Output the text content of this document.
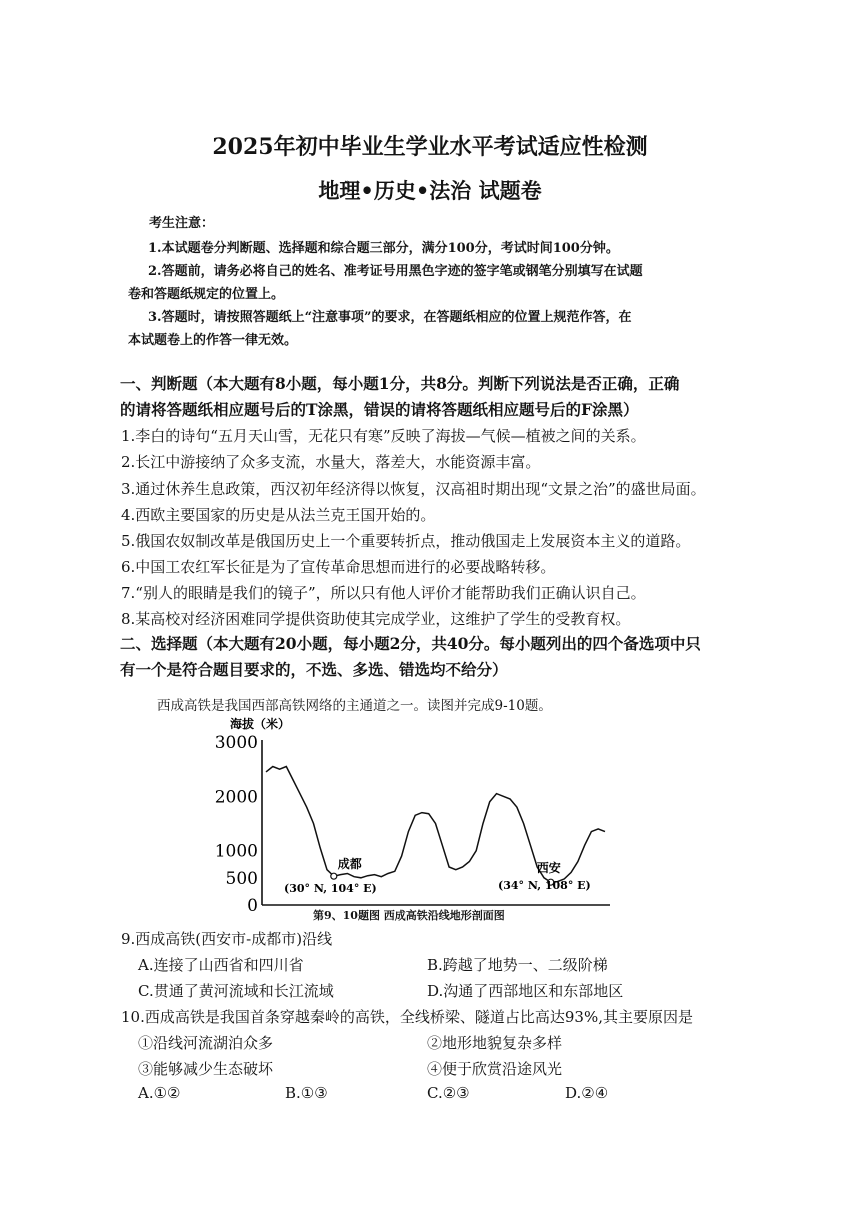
2025年初中毕业生学业水平考试适应性检测
地理•历史•法治 试题卷
考生注意：
1.本试题卷分判断题、选择题和综合题三部分，满分100分，考试时间100分钟。
2.答题前，请务必将自己的姓名、准考证号用黑色字迹的签字笔或钢笔分别填写在试题
卷和答题纸规定的位置上。
3.答题时，请按照答题纸上“注意事项”的要求，在答题纸相应的位置上规范作答，在
本试题卷上的作答一律无效。
一、判断题（本大题有8小题，每小题1分，共8分。判断下列说法是否正确，正确
的请将答题纸相应题号后的T涂黑，错误的请将答题纸相应题号后的F涂黑）
1.李白的诗句“五月天山雪，无花只有寒”反映了海拔—气候—植被之间的关系。
2.长江中游接纳了众多支流，水量大，落差大，水能资源丰富。
3.通过休养生息政策，西汉初年经济得以恢复，汉高祖时期出现“文景之治”的盛世局面。
4.西欧主要国家的历史是从法兰克王国开始的。
5.俄国农奴制改革是俄国历史上一个重要转折点，推动俄国走上发展资本主义的道路。
6.中国工农红军长征是为了宣传革命思想而进行的必要战略转移。
7.“别人的眼睛是我们的镜子”，所以只有他人评价才能帮助我们正确认识自己。
8.某高校对经济困难同学提供资助使其完成学业，这维护了学生的受教育权。
二、选择题（本大题有20小题，每小题2分，共40分。每小题列出的四个备选项中只
有一个是符合题目要求的，不选、多选、错选均不给分）
西成高铁是我国西部高铁网络的主通道之一。读图并完成9-10题。
海拔（米）
3000
2000
1000
500
0
成都
(30° N, 104° E)
西安
(34° N, 108° E)
第9、10题图 西成高铁沿线地形剖面图
9.西成高铁(西安市-成都市)沿线
A.连接了山西省和四川省	B.跨越了地势一、二级阶梯
C.贯通了黄河流域和长江流域	D.沟通了西部地区和东部地区
10.西成高铁是我国首条穿越秦岭的高铁，全线桥梁、隧道占比高达93%,其主要原因是
①沿线河流湖泊众多	②地形地貌复杂多样
③能够减少生态破坏	④便于欣赏沿途风光
A.①②	B.①③	C.②③	D.②④
